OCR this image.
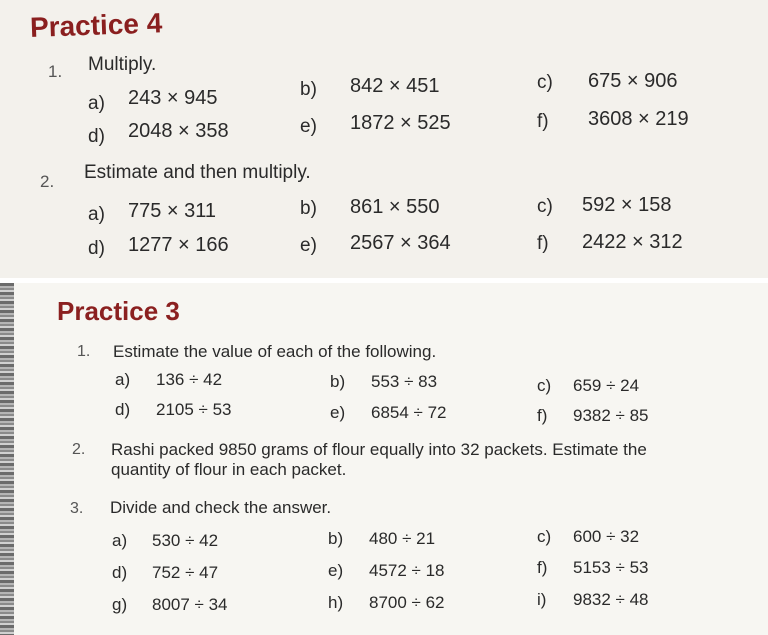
Practice 4
1. Multiply.
a) 243 × 945	b) 842 × 451	c) 675 × 906
d) 2048 × 358	e) 1872 × 525	f) 3608 × 219
2. Estimate and then multiply.
a) 775 × 311	b) 861 × 550	c) 592 × 158
d) 1277 × 166	e) 2567 × 364	f) 2422 × 312
Practice 3
1. Estimate the value of each of the following.
a) 136 ÷ 42	b) 553 ÷ 83	c) 659 ÷ 24
d) 2105 ÷ 53	e) 6854 ÷ 72	f) 9382 ÷ 85
2. Rashi packed 9850 grams of flour equally into 32 packets. Estimate the
quantity of flour in each packet.
3. Divide and check the answer.
a) 530 ÷ 42	b) 480 ÷ 21	c) 600 ÷ 32
d) 752 ÷ 47	e) 4572 ÷ 18	f) 5153 ÷ 53
g) 8007 ÷ 34	h) 8700 ÷ 62	i) 9832 ÷ 48
